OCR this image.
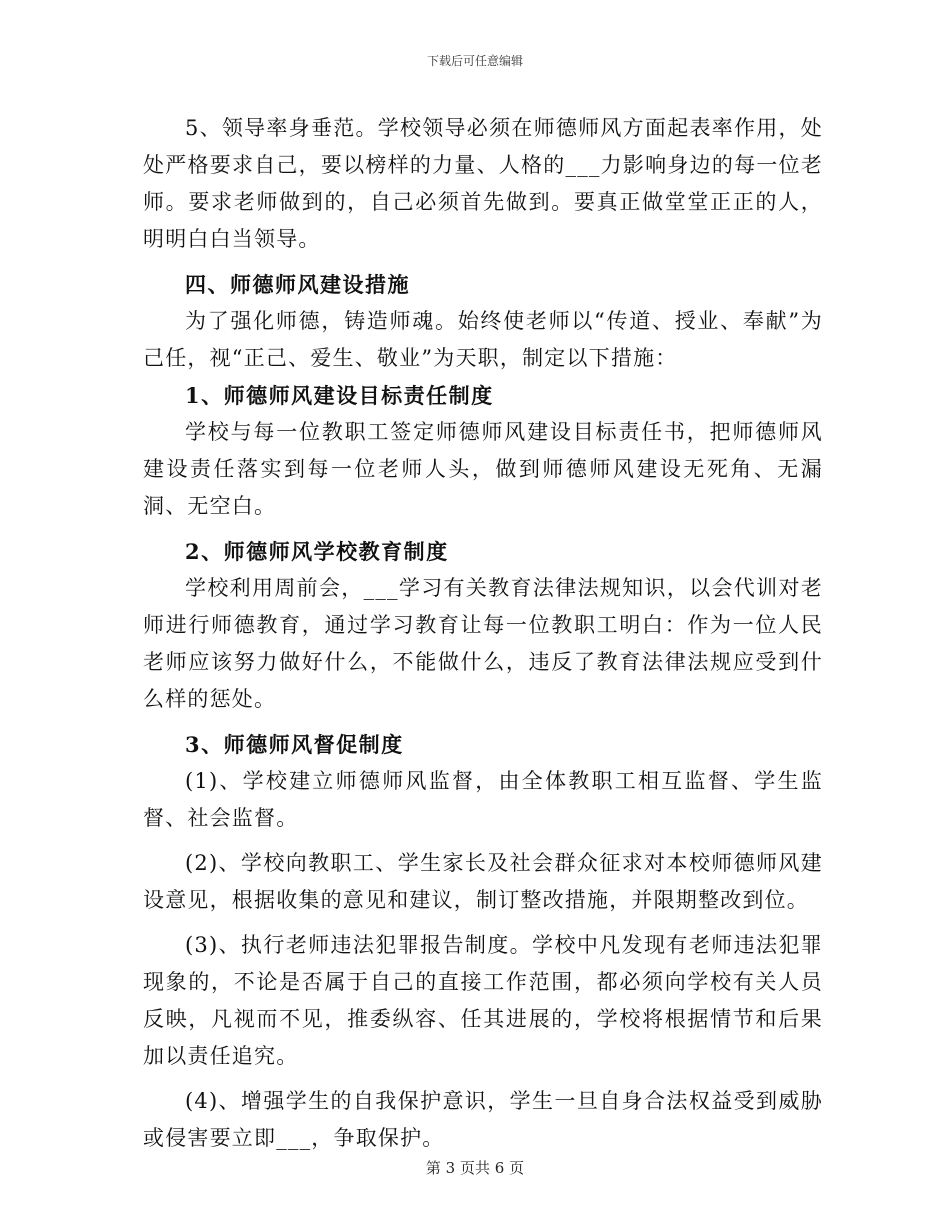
下载后可任意编辑

5、领导率身垂范。学校领导必须在师德师风方面起表率作用，处处严格要求自己，要以榜样的力量、人格的___力影响身边的每一位老师。要求老师做到的，自己必须首先做到。要真正做堂堂正正的人，明明白白当领导。

四、师德师风建设措施

为了强化师德，铸造师魂。始终使老师以“传道、授业、奉献”为己任，视“正己、爱生、敬业”为天职，制定以下措施：

1、师德师风建设目标责任制度

学校与每一位教职工签定师德师风建设目标责任书，把师德师风建设责任落实到每一位老师人头，做到师德师风建设无死角、无漏洞、无空白。

2、师德师风学校教育制度

学校利用周前会，___学习有关教育法律法规知识，以会代训对老师进行师德教育，通过学习教育让每一位教职工明白：作为一位人民老师应该努力做好什么，不能做什么，违反了教育法律法规应受到什么样的惩处。

3、师德师风督促制度

(1)、学校建立师德师风监督，由全体教职工相互监督、学生监督、社会监督。

(2)、学校向教职工、学生家长及社会群众征求对本校师德师风建设意见，根据收集的意见和建议，制订整改措施，并限期整改到位。

(3)、执行老师违法犯罪报告制度。学校中凡发现有老师违法犯罪现象的，不论是否属于自己的直接工作范围，都必须向学校有关人员反映，凡视而不见，推委纵容、任其进展的，学校将根据情节和后果加以责任追究。

(4)、增强学生的自我保护意识，学生一旦自身合法权益受到威胁或侵害要立即___，争取保护。

第 3 页共 6 页
